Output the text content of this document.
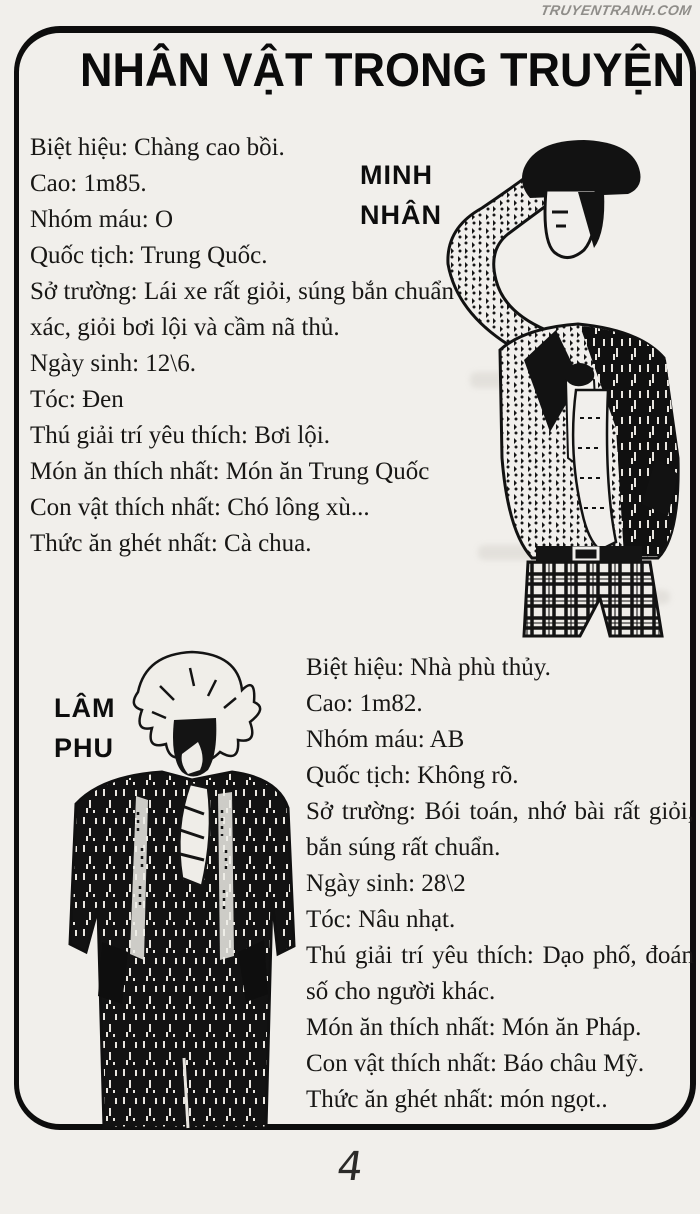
TRUYENTRANH.COM
NHÂN VẬT TRONG TRUYỆN

Biệt hiệu: Chàng cao bồi.

Cao: 1m85.

Nhóm máu: O

Quốc tịch: Trung Quốc.

Sở trường: Lái xe rất giỏi, súng bắn chuẩn xác, giỏi bơi lội và cầm nã thủ.

Ngày sinh: 12\6.

Tóc: Đen

Thú giải trí yêu thích: Bơi lội.

Món ăn thích nhất: Món ăn Trung Quốc

Con vật thích nhất: Chó lông xù...

Thức ăn ghét nhất: Cà chua.

MINH
NHÂN
LÂM
PHU

Biệt hiệu: Nhà phù thủy.

Cao: 1m82.

Nhóm máu: AB

Quốc tịch: Không rõ.

Sở trường: Bói toán, nhớ bài rất giỏi, bắn súng rất chuẩn.

Ngày sinh: 28\2

Tóc: Nâu nhạt.

Thú giải trí yêu thích: Dạo phố, đoán số cho người khác.

Món ăn thích nhất: Món ăn Pháp.

Con vật thích nhất: Báo châu Mỹ.

Thức ăn ghét nhất: món ngọt..

4
